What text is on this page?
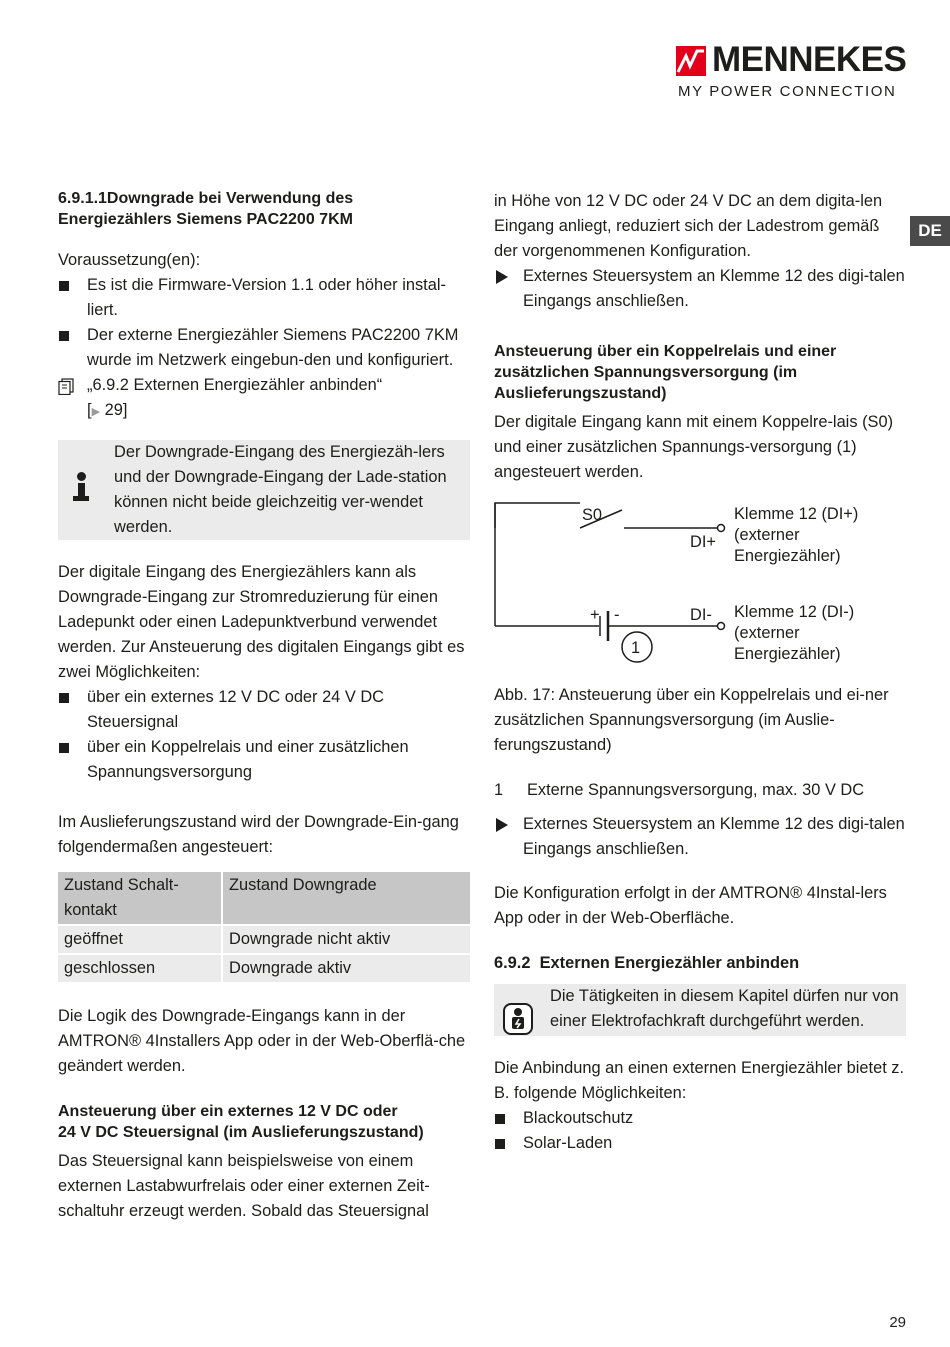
MENNEKES
MY POWER CONNECTION
DE
6.9.1.1Downgrade bei Verwendung des
Energiezählers Siemens PAC2200 7KM

Voraussetzung(en):

Es ist die Firmware-Version 1.1 oder höher instal-liert.
Der externe Energiezähler Siemens PAC2200 7KM wurde im Netzwerk eingebun-den und konfiguriert.
„6.9.2 Externen Energiezähler anbinden“
[▶ 29]

Der Downgrade-Eingang des Energiezäh-lers und der Downgrade-Eingang der Lade-station können nicht beide gleichzeitig ver-wendet werden.

Der digitale Eingang des Energiezählers kann als Downgrade-Eingang zur Stromreduzierung für einen Ladepunkt oder einen Ladepunktverbund verwendet werden. Zur Ansteuerung des digitalen Eingangs gibt es zwei Möglichkeiten:

über ein externes 12 V DC oder 24 V DC Steuersignal
über ein Koppelrelais und einer zusätzlichen Spannungsversorgung

Im Auslieferungszustand wird der Downgrade-Ein-gang folgendermaßen angesteuert:

Zustand Schalt-kontakt	Zustand Downgrade
geöffnet	Downgrade nicht aktiv
geschlossen	Downgrade aktiv

Die Logik des Downgrade-Eingangs kann in der AMTRON® 4Installers App oder in der Web-Oberflä-che geändert werden.

Ansteuerung über ein externes 12 V DC oder
24 V DC Steuersignal (im Auslieferungszustand)

Das Steuersignal kann beispielsweise von einem externen Lastabwurfrelais oder einer externen Zeit-schaltuhr erzeugt werden. Sobald das Steuersignal

in Höhe von 12 V DC oder 24 V DC an dem digita-len Eingang anliegt, reduziert sich der Ladestrom gemäß der vorgenommenen Konfiguration.

Externes Steuersystem an Klemme 12 des digi-talen Eingangs anschließen.
Ansteuerung über ein Koppelrelais und einer
zusätzlichen Spannungsversorgung (im
Auslieferungszustand)

Der digitale Eingang kann mit einem Koppelre-lais (S0) und einer zusätzlichen Spannungs-versorgung (1) angesteuert werden.

S0
DI+
DI-
+ -
1
Klemme 12 (DI+)
(externer
Energiezähler)
Klemme 12 (DI-)
(externer
Energiezähler)

Abb. 17: Ansteuerung über ein Koppelrelais und ei-ner zusätzlichen Spannungsversorgung (im Auslie-ferungszustand)

1 Externe Spannungsversorgung, max. 30 V DC
Externes Steuersystem an Klemme 12 des digi-talen Eingangs anschließen.

Die Konfiguration erfolgt in der AMTRON® 4Instal-lers App oder in der Web-Oberfläche.

6.9.2 Externen Energiezähler anbinden

Die Tätigkeiten in diesem Kapitel dürfen nur von einer Elektrofachkraft durchgeführt werden.

Die Anbindung an einen externen Energiezähler bietet z. B. folgende Möglichkeiten:

Blackoutschutz
Solar-Laden
29
